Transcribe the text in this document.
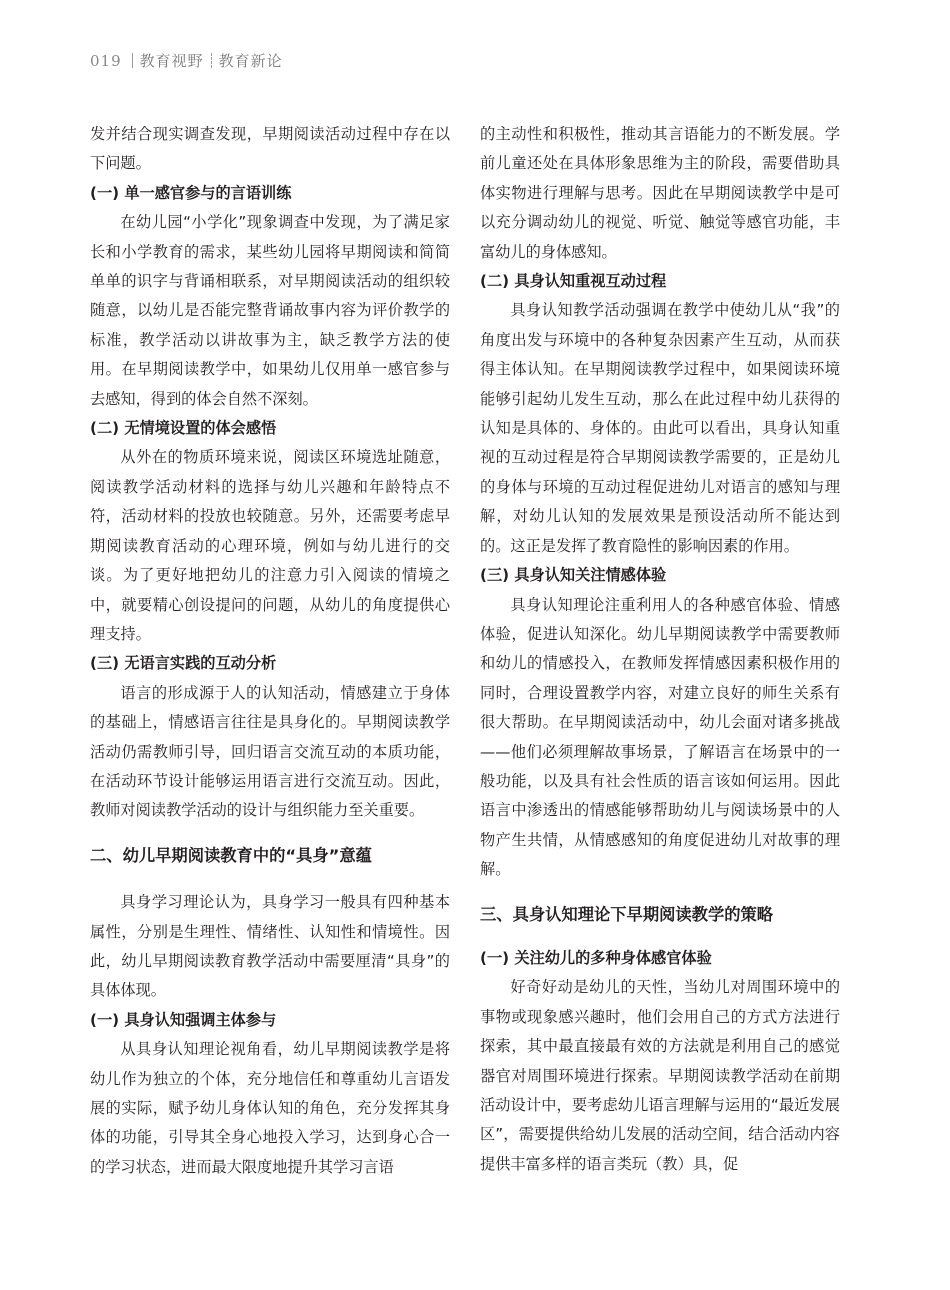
019 教育视野 教育新论

发并结合现实调查发现，早期阅读活动过程中存在以下问题。

(一) 单一感官参与的言语训练

在幼儿园“小学化”现象调查中发现，为了满足家长和小学教育的需求，某些幼儿园将早期阅读和简简单单的识字与背诵相联系，对早期阅读活动的组织较随意，以幼儿是否能完整背诵故事内容为评价教学的标准，教学活动以讲故事为主，缺乏教学方法的使用。在早期阅读教学中，如果幼儿仅用单一感官参与去感知，得到的体会自然不深刻。

(二) 无情境设置的体会感悟

从外在的物质环境来说，阅读区环境选址随意，阅读教学活动材料的选择与幼儿兴趣和年龄特点不符，活动材料的投放也较随意。另外，还需要考虑早期阅读教育活动的心理环境，例如与幼儿进行的交谈。为了更好地把幼儿的注意力引入阅读的情境之中，就要精心创设提问的问题，从幼儿的角度提供心理支持。

(三) 无语言实践的互动分析

语言的形成源于人的认知活动，情感建立于身体的基础上，情感语言往往是具身化的。早期阅读教学活动仍需教师引导，回归语言交流互动的本质功能，在活动环节设计能够运用语言进行交流互动。因此，教师对阅读教学活动的设计与组织能力至关重要。

二、幼儿早期阅读教育中的“具身”意蕴

具身学习理论认为，具身学习一般具有四种基本属性，分别是生理性、情绪性、认知性和情境性。因此，幼儿早期阅读教育教学活动中需要厘清“具身”的具体体现。

(一) 具身认知强调主体参与

从具身认知理论视角看，幼儿早期阅读教学是将幼儿作为独立的个体，充分地信任和尊重幼儿言语发展的实际，赋予幼儿身体认知的角色，充分发挥其身体的功能，引导其全身心地投入学习，达到身心合一的学习状态，进而最大限度地提升其学习言语

的主动性和积极性，推动其言语能力的不断发展。学前儿童还处在具体形象思维为主的阶段，需要借助具体实物进行理解与思考。因此在早期阅读教学中是可以充分调动幼儿的视觉、听觉、触觉等感官功能，丰富幼儿的身体感知。

(二) 具身认知重视互动过程

具身认知教学活动强调在教学中使幼儿从“我”的角度出发与环境中的各种复杂因素产生互动，从而获得主体认知。在早期阅读教学过程中，如果阅读环境能够引起幼儿发生互动，那么在此过程中幼儿获得的认知是具体的、身体的。由此可以看出，具身认知重视的互动过程是符合早期阅读教学需要的，正是幼儿的身体与环境的互动过程促进幼儿对语言的感知与理解，对幼儿认知的发展效果是预设活动所不能达到的。这正是发挥了教育隐性的影响因素的作用。

(三) 具身认知关注情感体验

具身认知理论注重利用人的各种感官体验、情感体验，促进认知深化。幼儿早期阅读教学中需要教师和幼儿的情感投入，在教师发挥情感因素积极作用的同时，合理设置教学内容，对建立良好的师生关系有很大帮助。在早期阅读活动中，幼儿会面对诸多挑战——他们必须理解故事场景，了解语言在场景中的一般功能，以及具有社会性质的语言该如何运用。因此语言中渗透出的情感能够帮助幼儿与阅读场景中的人物产生共情，从情感感知的角度促进幼儿对故事的理解。

三、具身认知理论下早期阅读教学的策略

(一) 关注幼儿的多种身体感官体验

好奇好动是幼儿的天性，当幼儿对周围环境中的事物或现象感兴趣时，他们会用自己的方式方法进行探索，其中最直接最有效的方法就是利用自己的感觉器官对周围环境进行探索。早期阅读教学活动在前期活动设计中，要考虑幼儿语言理解与运用的“最近发展区”，需要提供给幼儿发展的活动空间，结合活动内容提供丰富多样的语言类玩（教）具，促
